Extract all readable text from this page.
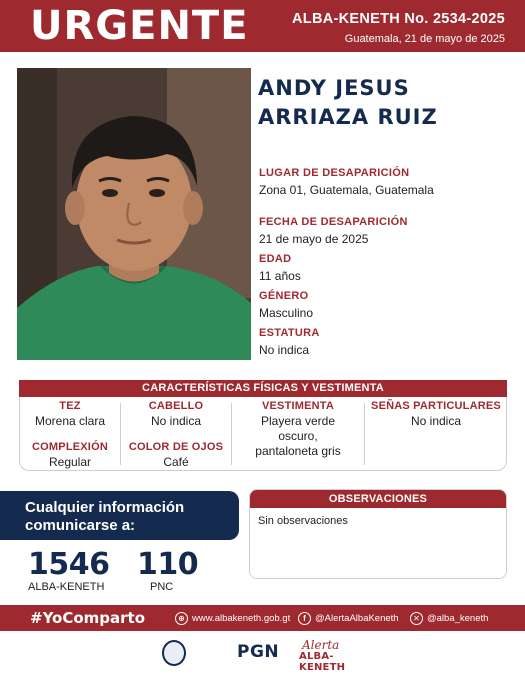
URGENTE	ALBA-KENETH No. 2534-2025
Guatemala, 21 de mayo de 2025
ANDY JESUS
ARRIAZA RUIZ
LUGAR DE DESAPARICIÓN
Zona 01, Guatemala, Guatemala
FECHA DE DESAPARICIÓN
21 de mayo de 2025
EDAD
11 años
GÉNERO
Masculino
ESTATURA
No indica
CARACTERÍSTICAS FÍSICAS Y VESTIMENTA
TEZ
Morena clara
COMPLEXIÓN
Regular
CABELLO
No indica
COLOR DE OJOS
Café
VESTIMENTA
Playera verde
oscuro,
pantaloneta gris
SEÑAS PARTICULARES
No indica
Cualquier información
comunicarse a:
1546
ALBA-KENETH
110
PNC
OBSERVACIONES
Sin observaciones
#YoComparto	⊕ www.albakeneth.gob.gt	f @AlertaAlbaKeneth	✕ @alba_keneth
PGN Alerta
ALBA-KENETH
